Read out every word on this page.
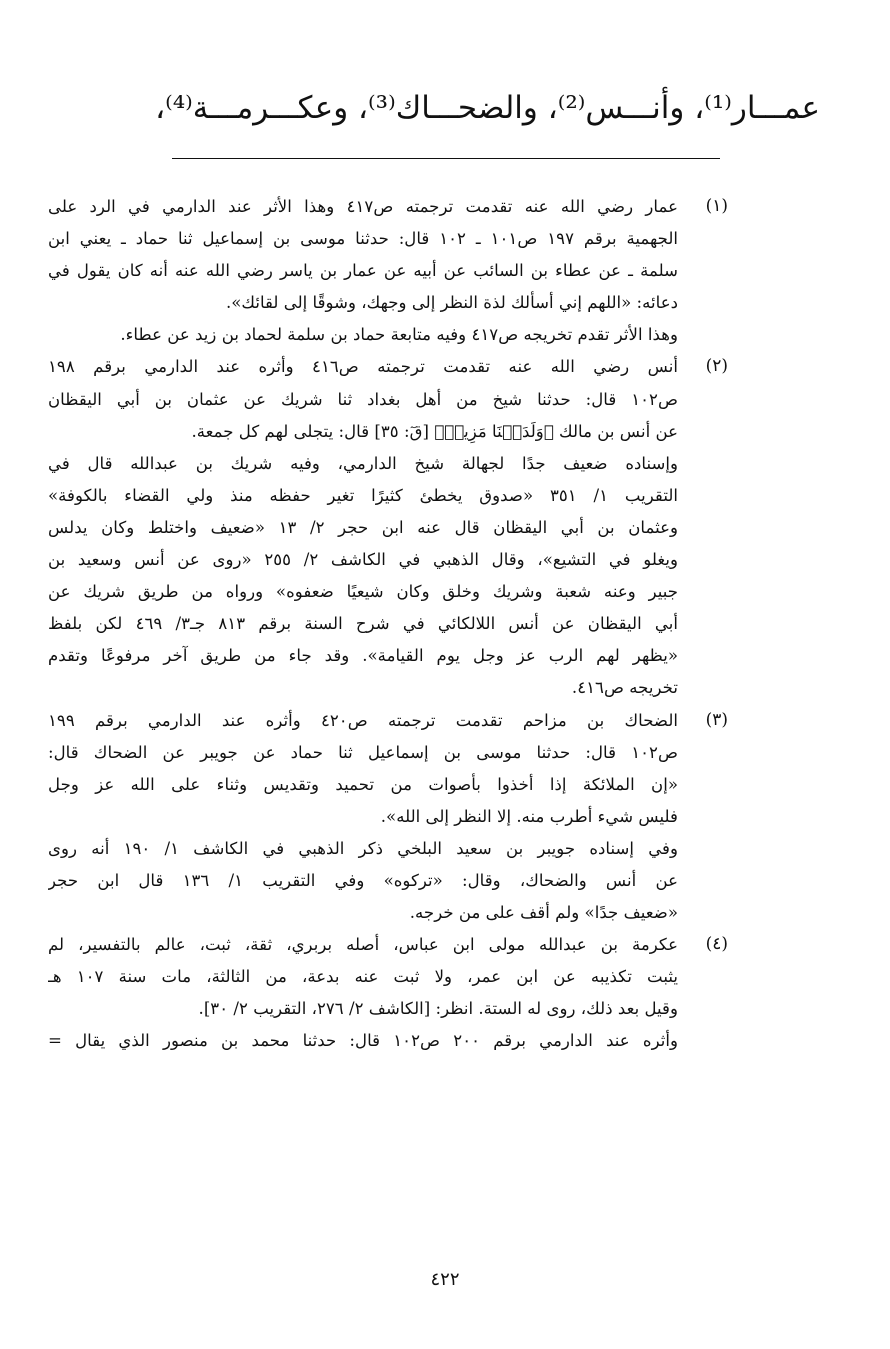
عمـــار⁽¹⁾، وأنـــس⁽²⁾، والضحـــاك⁽³⁾، وعكـــرمـــة⁽⁴⁾،
(١)
عمار رضي الله عنه تقدمت ترجمته ص٤١٧ وهذا الأثر عند الدارمي في الرد على
الجهمية برقم ١٩٧ ص١٠١ ـ ١٠٢ قال: حدثنا موسى بن إسماعيل ثنا حماد ـ يعني ابن
سلمة ـ عن عطاء بن السائب عن أبيه عن عمار بن ياسر رضي الله عنه أنه كان يقول في
دعائه: «اللهم إني أسألك لذة النظر إلى وجهك، وشوقًا إلى لقائك».
وهذا الأثر تقدم تخريجه ص٤١٧ وفيه متابعة حماد بن سلمة لحماد بن زيد عن عطاء.
(٢)
أنس رضي الله عنه تقدمت ترجمته ص٤١٦ وأثره عند الدارمي برقم ١٩٨
ص١٠٢ قال: حدثنا شيخ من أهل بغداد ثنا شريك عن عثمان بن أبي اليقظان
عن أنس بن مالك ﴿وَلَدَيۡنَا مَزِيدٞ﴾ [قٓ: ٣٥] قال: يتجلى لهم كل جمعة.
وإسناده ضعيف جدًا لجهالة شيخ الدارمي، وفيه شريك بن عبدالله قال في
التقريب ١/ ٣٥١ «صدوق يخطئ كثيرًا تغير حفظه منذ ولي القضاء بالكوفة»
وعثمان بن أبي اليقظان قال عنه ابن حجر ٢/ ١٣ «ضعيف واختلط وكان يدلس
ويغلو في التشيع»، وقال الذهبي في الكاشف ٢/ ٢٥٥ «روى عن أنس وسعيد بن
جبير وعنه شعبة وشريك وخلق وكان شيعيًا ضعفوه» ورواه من طريق شريك عن
أبي اليقظان عن أنس اللالكائي في شرح السنة برقم ٨١٣ جـ٣/ ٤٦٩ لكن بلفظ
«يظهر لهم الرب عز وجل يوم القيامة». وقد جاء من طريق آخر مرفوعًا وتقدم
تخريجه ص٤١٦.
(٣)
الضحاك بن مزاحم تقدمت ترجمته ص٤٢٠ وأثره عند الدارمي برقم ١٩٩
ص١٠٢ قال: حدثنا موسى بن إسماعيل ثنا حماد عن جويبر عن الضحاك قال:
«إن الملائكة إذا أخذوا بأصوات من تحميد وتقديس وثناء على الله عز وجل
فليس شيء أطرب منه. إلا النظر إلى الله».
وفي إسناده جويبر بن سعيد البلخي ذكر الذهبي في الكاشف ١/ ١٩٠ أنه روى
عن أنس والضحاك، وقال: «تركوه» وفي التقريب ١/ ١٣٦ قال ابن حجر
«ضعيف جدًا» ولم أقف على من خرجه.
(٤)
عكرمة بن عبدالله مولى ابن عباس، أصله بربري، ثقة، ثبت، عالم بالتفسير، لم
يثبت تكذيبه عن ابن عمر، ولا ثبت عنه بدعة، من الثالثة، مات سنة ١٠٧ هـ
وقيل بعد ذلك، روى له الستة. انظر: [الكاشف ٢/ ٢٧٦، التقريب ٢/ ٣٠].
وأثره عند الدارمي برقم ٢٠٠ ص١٠٢ قال: حدثنا محمد بن منصور الذي يقال =
٤٢٢
